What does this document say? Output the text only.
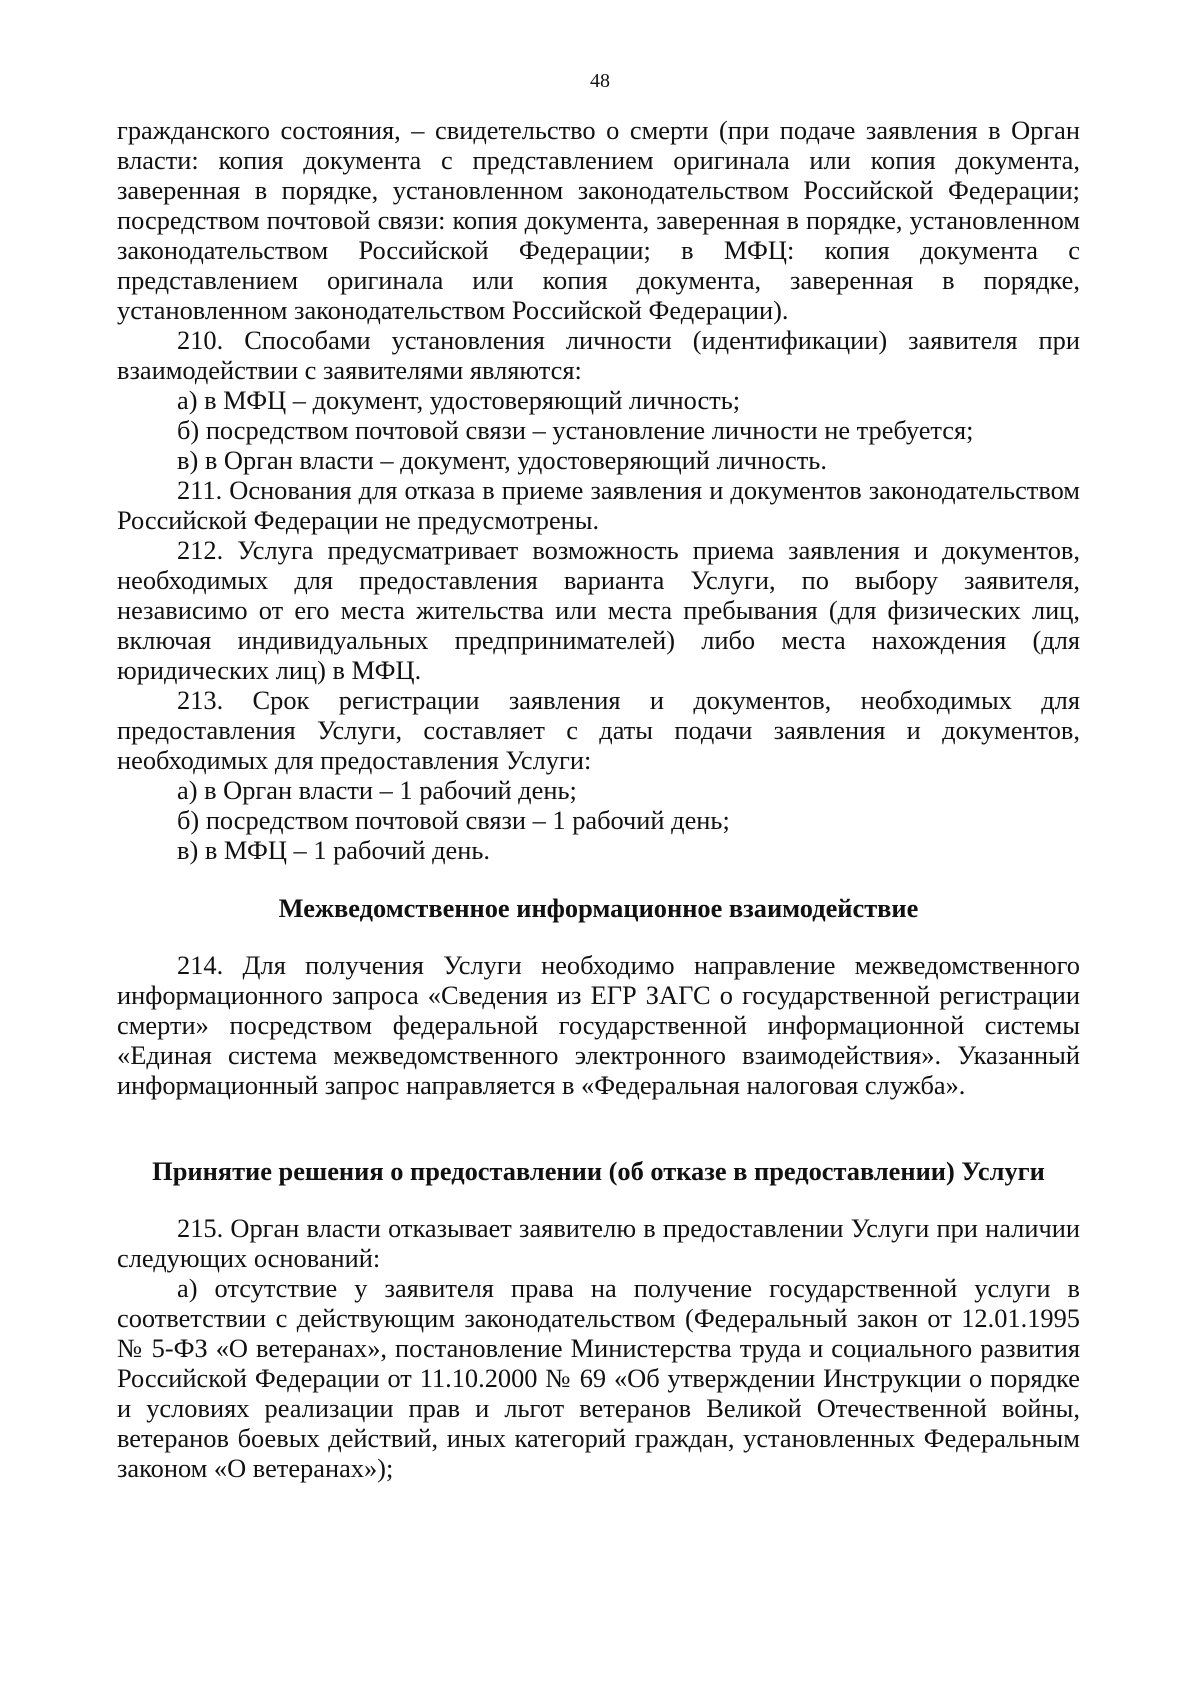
48

гражданского состояния, – свидетельство о смерти (при подаче заявления в Орган власти: копия документа с представлением оригинала или копия документа, заверенная в порядке, установленном законодательством Российской Федерации; посредством почтовой связи: копия документа, заверенная в порядке, установленном законодательством Российской Федерации; в МФЦ: копия документа с представлением оригинала или копия документа, заверенная в порядке, установленном законодательством Российской Федерации).

210. Способами установления личности (идентификации) заявителя при взаимодействии с заявителями являются:

а) в МФЦ – документ, удостоверяющий личность;

б) посредством почтовой связи – установление личности не требуется;

в) в Орган власти – документ, удостоверяющий личность.

211. Основания для отказа в приеме заявления и документов законодательством Российской Федерации не предусмотрены.

212. Услуга предусматривает возможность приема заявления и документов, необходимых для предоставления варианта Услуги, по выбору заявителя, независимо от его места жительства или места пребывания (для физических лиц, включая индивидуальных предпринимателей) либо места нахождения (для юридических лиц) в МФЦ.

213. Срок регистрации заявления и документов, необходимых для предоставления Услуги, составляет с даты подачи заявления и документов, необходимых для предоставления Услуги:

а) в Орган власти – 1 рабочий день;

б) посредством почтовой связи – 1 рабочий день;

в) в МФЦ – 1 рабочий день.

Межведомственное информационное взаимодействие

214. Для получения Услуги необходимо направление межведомственного информационного запроса «Сведения из ЕГР ЗАГС о государственной регистрации смерти» посредством федеральной государственной информационной системы «Единая система межведомственного электронного взаимодействия». Указанный информационный запрос направляется в «Федеральная налоговая служба».

Принятие решения о предоставлении (об отказе в предоставлении) Услуги

215. Орган власти отказывает заявителю в предоставлении Услуги при наличии следующих оснований:

а) отсутствие у заявителя права на получение государственной услуги в соответствии с действующим законодательством (Федеральный закон от 12.01.1995 № 5-ФЗ «О ветеранах», постановление Министерства труда и социального развития Российской Федерации от 11.10.2000 № 69 «Об утверждении Инструкции о порядке и условиях реализации прав и льгот ветеранов Великой Отечественной войны, ветеранов боевых действий, иных категорий граждан, установленных Федеральным законом «О ветеранах»);
